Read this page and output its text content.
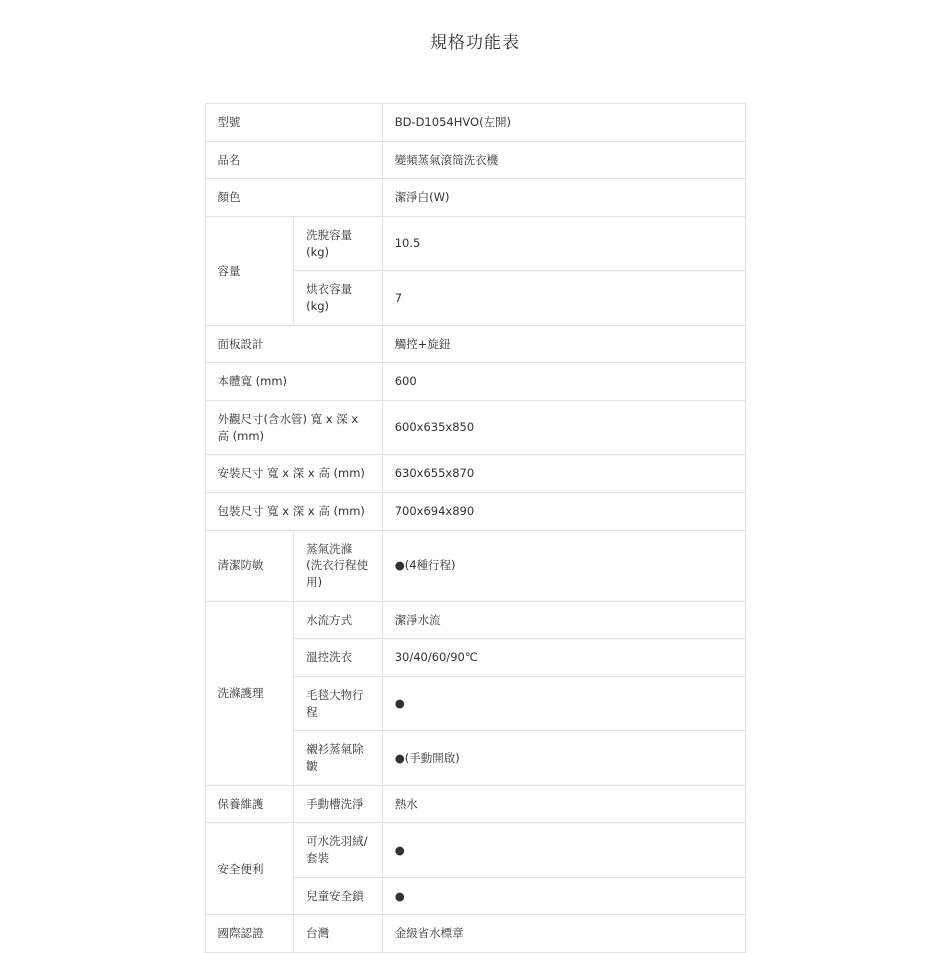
規格功能表
型號		BD-D1054HVO(左開)
品名		變頻蒸氣滾筒洗衣機
顏色		潔淨白(W)
容量	洗脫容量(kg)	10.5
	烘衣容量(kg)	7
面板設計		觸控+旋鈕
本體寬 (mm)		600
外觀尺寸(含水管) 寬 x 深 x 高 (mm)		600x635x850
安裝尺寸 寬 x 深 x 高 (mm)		630x655x870
包裝尺寸 寬 x 深 x 高 (mm)		700x694x890
清潔防敏	蒸氣洗滌 (洗衣行程使用)	●(4種行程)
洗滌護理	水流方式	潔淨水流
	溫控洗衣	30/40/60/90℃
	毛毯大物行程	●
	襯衫蒸氣除皺	●(手動開啟)
保養維護	手動槽洗淨	熱水
安全便利	可水洗羽絨/套裝	●
	兒童安全鎖	●
國際認證	台灣	金級省水標章
